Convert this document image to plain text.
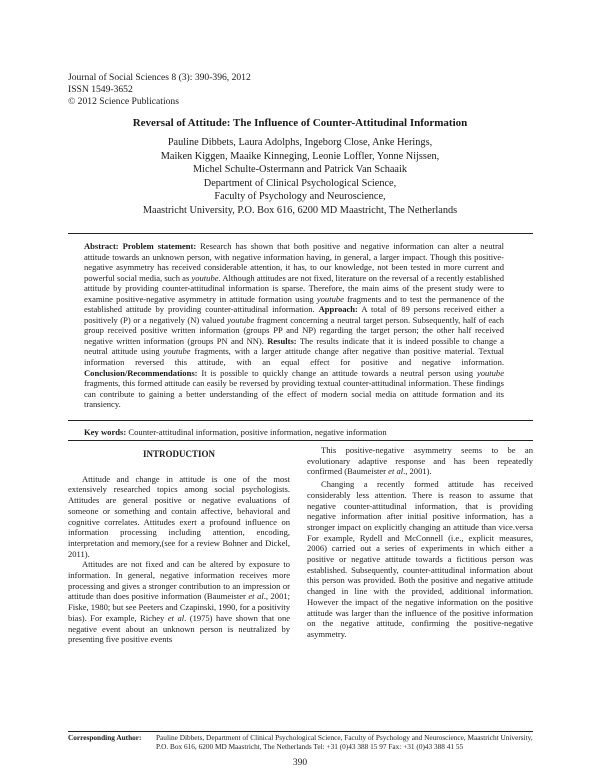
Journal of Social Sciences 8 (3): 390-396, 2012
ISSN 1549-3652
© 2012 Science Publications
Reversal of Attitude: The Influence of Counter-Attitudinal Information
Pauline Dibbets, Laura Adolphs, Ingeborg Close, Anke Herings,
Maiken Kiggen, Maaike Kinneging, Leonie Loffler, Yonne Nijssen,
Michel Schulte-Ostermann and Patrick Van Schaaik
Department of Clinical Psychological Science,
Faculty of Psychology and Neuroscience,
Maastricht University, P.O. Box 616, 6200 MD Maastricht, The Netherlands
Abstract: Problem statement: Research has shown that both positive and negative information can alter a neutral attitude towards an unknown person, with negative information having, in general, a larger impact. Though this positive-negative asymmetry has received considerable attention, it has, to our knowledge, not been tested in more current and powerful social media, such as youtube. Although attitudes are not fixed, literature on the reversal of a recently established attitude by providing counter-attitudinal information is sparse. Therefore, the main aims of the present study were to examine positive-negative asymmetry in attitude formation using youtube fragments and to test the permanence of the established attitude by providing counter-attitudinal information. Approach: A total of 89 persons received either a positively (P) or a negatively (N) valued youtube fragment concerning a neutral target person. Subsequently, half of each group received positive written information (groups PP and NP) regarding the target person; the other half received negative written information (groups PN and NN). Results: The results indicate that it is indeed possible to change a neutral attitude using youtube fragments, with a larger attitude change after negative than positive material. Textual information reversed this attitude, with an equal effect for positive and negative information. Conclusion/Recommendations: It is possible to quickly change an attitude towards a neutral person using youtube fragments, this formed attitude can easily be reversed by providing textual counter-attitudinal information. These findings can contribute to gaining a better understanding of the effect of modern social media on attitude formation and its transiency.
Key words: Counter-attitudinal information, positive information, negative information

INTRODUCTION

Attitude and change in attitude is one of the most extensively researched topics among social psychologists. Attitudes are general positive or negative evaluations of someone or something and contain affective, behavioral and cognitive correlates. Attitudes exert a profound influence on information processing including attention, encoding, interpretation and memory,(see for a review Bohner and Dickel, 2011).

Attitudes are not fixed and can be altered by exposure to information. In general, negative information receives more processing and gives a stronger contribution to an impression or attitude than does positive information (Baumeister et al., 2001; Fiske, 1980; but see Peeters and Czapinski, 1990, for a positivity bias). For example, Richey et al. (1975) have shown that one negative event about an unknown person is neutralized by presenting five positive events

This positive-negative asymmetry seems to be an evolutionary adaptive response and has been repeatedly confirmed (Baumeister et al., 2001).

Changing a recently formed attitude has received considerably less attention. There is reason to assume that negative counter-attitudinal information, that is providing negative information after initial positive information, has a stronger impact on explicitly changing an attitude than vice.versa For example, Rydell and McConnell (i.e., explicit measures, 2006) carried out a series of experiments in which either a positive or negative attitude towards a fictitious person was established. Subsequently, counter-attitudinal information about this person was provided. Both the positive and negative attitude changed in line with the provided, additional information. However the impact of the negative information on the positive attitude was larger than the influence of the positive information on the negative attitude, confirming the positive-negative asymmetry.

Corresponding Author: Pauline Dibbets, Department of Clinical Psychological Science, Faculty of Psychology and Neuroscience, Maastricht University, P.O. Box 616, 6200 MD Maastricht, The Netherlands Tel: +31 (0)43 388 15 97 Fax: +31 (0)43 388 41 55
390
